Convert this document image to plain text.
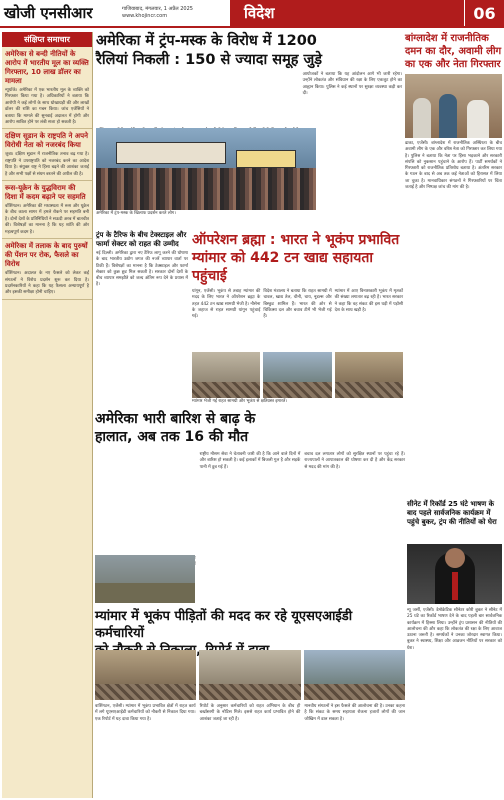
खोजी एनसीआर	गाजियाबाद, मंगलवार, 1 अप्रैल 2025
www.khojincr.com	विदेश	06
संक्षिप्त समाचार
अमेरिका से बन्दी नीतियों के आरोप में भारतीय मूल का व्यक्ति गिरफ्तार, 10 लाख डॉलर का मामला
न्यूयॉर्क। अमेरिका में एक भारतीय मूल के व्यक्ति को गिरफ्तार किया गया है। अधिकारियों ने बताया कि आरोपी ने कई लोगों के साथ धोखाधड़ी की और लाखों डॉलर की राशि का गबन किया। जांच एजेंसियों ने बताया कि मामले की सुनवाई अदालत में होगी और आरोप साबित होने पर लंबी सजा हो सकती है।
दक्षिण सूडान के राष्ट्रपति ने अपने विरोधी नेता को नजरबंद किया
जुबा। दक्षिण सूडान में राजनीतिक तनाव बढ़ गया है। राष्ट्रपति ने उपराष्ट्रपति को नजरबंद करने का आदेश दिया है। संयुक्त राष्ट्र ने हिंसा बढ़ने की आशंका जताई है और सभी पक्षों से संयम बरतने की अपील की है।
रूस-यूक्रेन के युद्धविराम की दिशा में कदम बढ़ाने पर सहमति
वॉशिंगटन। अमेरिका की मध्यस्थता में रूस और यूक्रेन के बीच काला सागर में हमले रोकने पर सहमति बनी है। दोनों देशों के प्रतिनिधियों ने सऊदी अरब में बातचीत की। विशेषज्ञों का मानना है कि यह शांति की ओर महत्वपूर्ण कदम है।
अमेरिका में तलाक के बाद पुरुषों की पेंशन पर रोक, फैसले का विरोध
वॉशिंगटन। अदालत के नए फैसले को लेकर कई संगठनों ने विरोध प्रदर्शन शुरू कर दिया है। प्रदर्शनकारियों ने कहा कि यह फैसला अन्यायपूर्ण है और इसकी समीक्षा होनी चाहिए।
अमेरिका में ट्रंप-मस्क के विरोध में 1200
रैलियां निकली : 150 से ज्यादा समूह जुड़े
आयोजकों ने बताया कि यह आंदोलन आगे भी जारी रहेगा। उन्होंने लोकतंत्र और संविधान की रक्षा के लिए एकजुट होने का आह्वान किया। पुलिस ने कई स्थानों पर सुरक्षा व्यवस्था कड़ी कर दी।
अमेरिका में ट्रंप-मस्क के खिलाफ प्रदर्शन करते लोग।
बांग्लादेश में राजनीतिक दमन का दौर, अवामी लीग का एक और नेता गिरफ्तार
ढाका, एजेंसी। बांग्लादेश में राजनीतिक अस्थिरता के बीच अवामी लीग के एक और वरिष्ठ नेता को गिरफ्तार कर लिया गया है। पुलिस ने बताया कि नेता पर हिंसा भड़काने और सरकारी संपत्ति को नुकसान पहुंचाने के आरोप हैं। पार्टी समर्थकों ने गिरफ्तारी को राजनीतिक प्रतिशोध बताया है। अंतरिम सरकार के गठन के बाद से अब तक कई नेताओं को हिरासत में लिया जा चुका है। मानवाधिकार संगठनों ने गिरफ्तारियों पर चिंता जताई है और निष्पक्ष जांच की मांग की है।
ट्रंप के टैरिफ के बीच टेक्स्टाइल और फार्मा सेक्टर को राहत की उम्मीद
नई दिल्ली। अमेरिका द्वारा नए टैरिफ लागू करने की घोषणा के बाद भारतीय उद्योग जगत की नजरें व्यापार वार्ता पर टिकी हैं। विशेषज्ञों का मानना है कि टेक्स्टाइल और फार्मा सेक्टर को कुछ छूट मिल सकती है। सरकार दोनों देशों के बीच व्यापार समझौते को जल्द अंतिम रूप देने के प्रयास में है।
ऑपरेशन ब्रह्मा : भारत ने भूकंप प्रभावित
म्यांमार को 442 टन खाद्य सहायता पहुंचाई
यांगून, एजेंसी। भूकंप से तबाह म्यांमार की मदद के लिए भारत ने ऑपरेशन ब्रह्मा के तहत 442 टन खाद्य सामग्री भेजी है। नौसेना के जहाज से राहत सामग्री यांगून पहुंचाई गई।
विदेश मंत्रालय ने बताया कि राहत सामग्री में चावल, खाद्य तेल, चीनी, चाय, नूडल्स और बिस्कुट शामिल हैं। भारत की ओर से चिकित्सा दल और बचाव टीमें भी भेजी गई हैं।
म्यांमार में आए विनाशकारी भूकंप में मृतकों की संख्या लगातार बढ़ रही है। भारत सरकार ने कहा कि वह संकट की इस घड़ी में पड़ोसी देश के साथ खड़ी है।
म्यांमार भेजी गई राहत सामग्री और भूकंप से क्षतिग्रस्त इमारतें।
अमेरिका भारी बारिश से बाढ़ के
हालात, अब तक 16 की मौत
राष्ट्रीय मौसम सेवा ने चेतावनी जारी की है कि आने वाले दिनों में और बारिश हो सकती है। कई इलाकों में बिजली गुल है और सड़कें पानी में डूब गई हैं।
बचाव दल लगातार लोगों को सुरक्षित स्थानों पर पहुंचा रहे हैं। राज्यपालों ने आपातकाल की घोषणा कर दी है और केंद्र सरकार से मदद की मांग की है।
सीनेट में रिकॉर्ड 25 घंटे भाषण के बाद पहले सार्वजनिक कार्यक्रम में पहुंचे बुकर, ट्रंप की नीतियों को घेरा
न्यू जर्सी, एजेंसी। डेमोक्रेटिक सीनेटर कोरी बुकर ने सीनेट में 25 घंटे का रिकॉर्ड भाषण देने के बाद पहली बार सार्वजनिक कार्यक्रम में हिस्सा लिया। उन्होंने ट्रंप प्रशासन की नीतियों की आलोचना की और कहा कि लोकतंत्र की रक्षा के लिए आवाज उठाना जरूरी है। समर्थकों ने उनका जोरदार स्वागत किया। बुकर ने स्वास्थ्य, शिक्षा और आव्रजन नीतियों पर सरकार को घेरा।
म्यांमार में भूकंप पीड़ितों की मदद कर रहे यूएसएआईडी कर्मचारियों
वाशिंगटन, एजेंसी। म्यांमार में भूकंप प्रभावित क्षेत्रों में राहत कार्य में लगे यूएसएआईडी कर्मचारियों को नौकरी से निकाल दिया गया। एक रिपोर्ट में यह दावा किया गया है।
रिपोर्ट के अनुसार कर्मचारियों को राहत अभियान के बीच ही बर्खास्तगी के नोटिस मिले। इससे राहत कार्य प्रभावित होने की आशंका जताई जा रही है।
मानवीय संगठनों ने इस फैसले की आलोचना की है। उनका कहना है कि संकट के समय सहायता रोकना हजारों लोगों की जान जोखिम में डाल सकता है।
